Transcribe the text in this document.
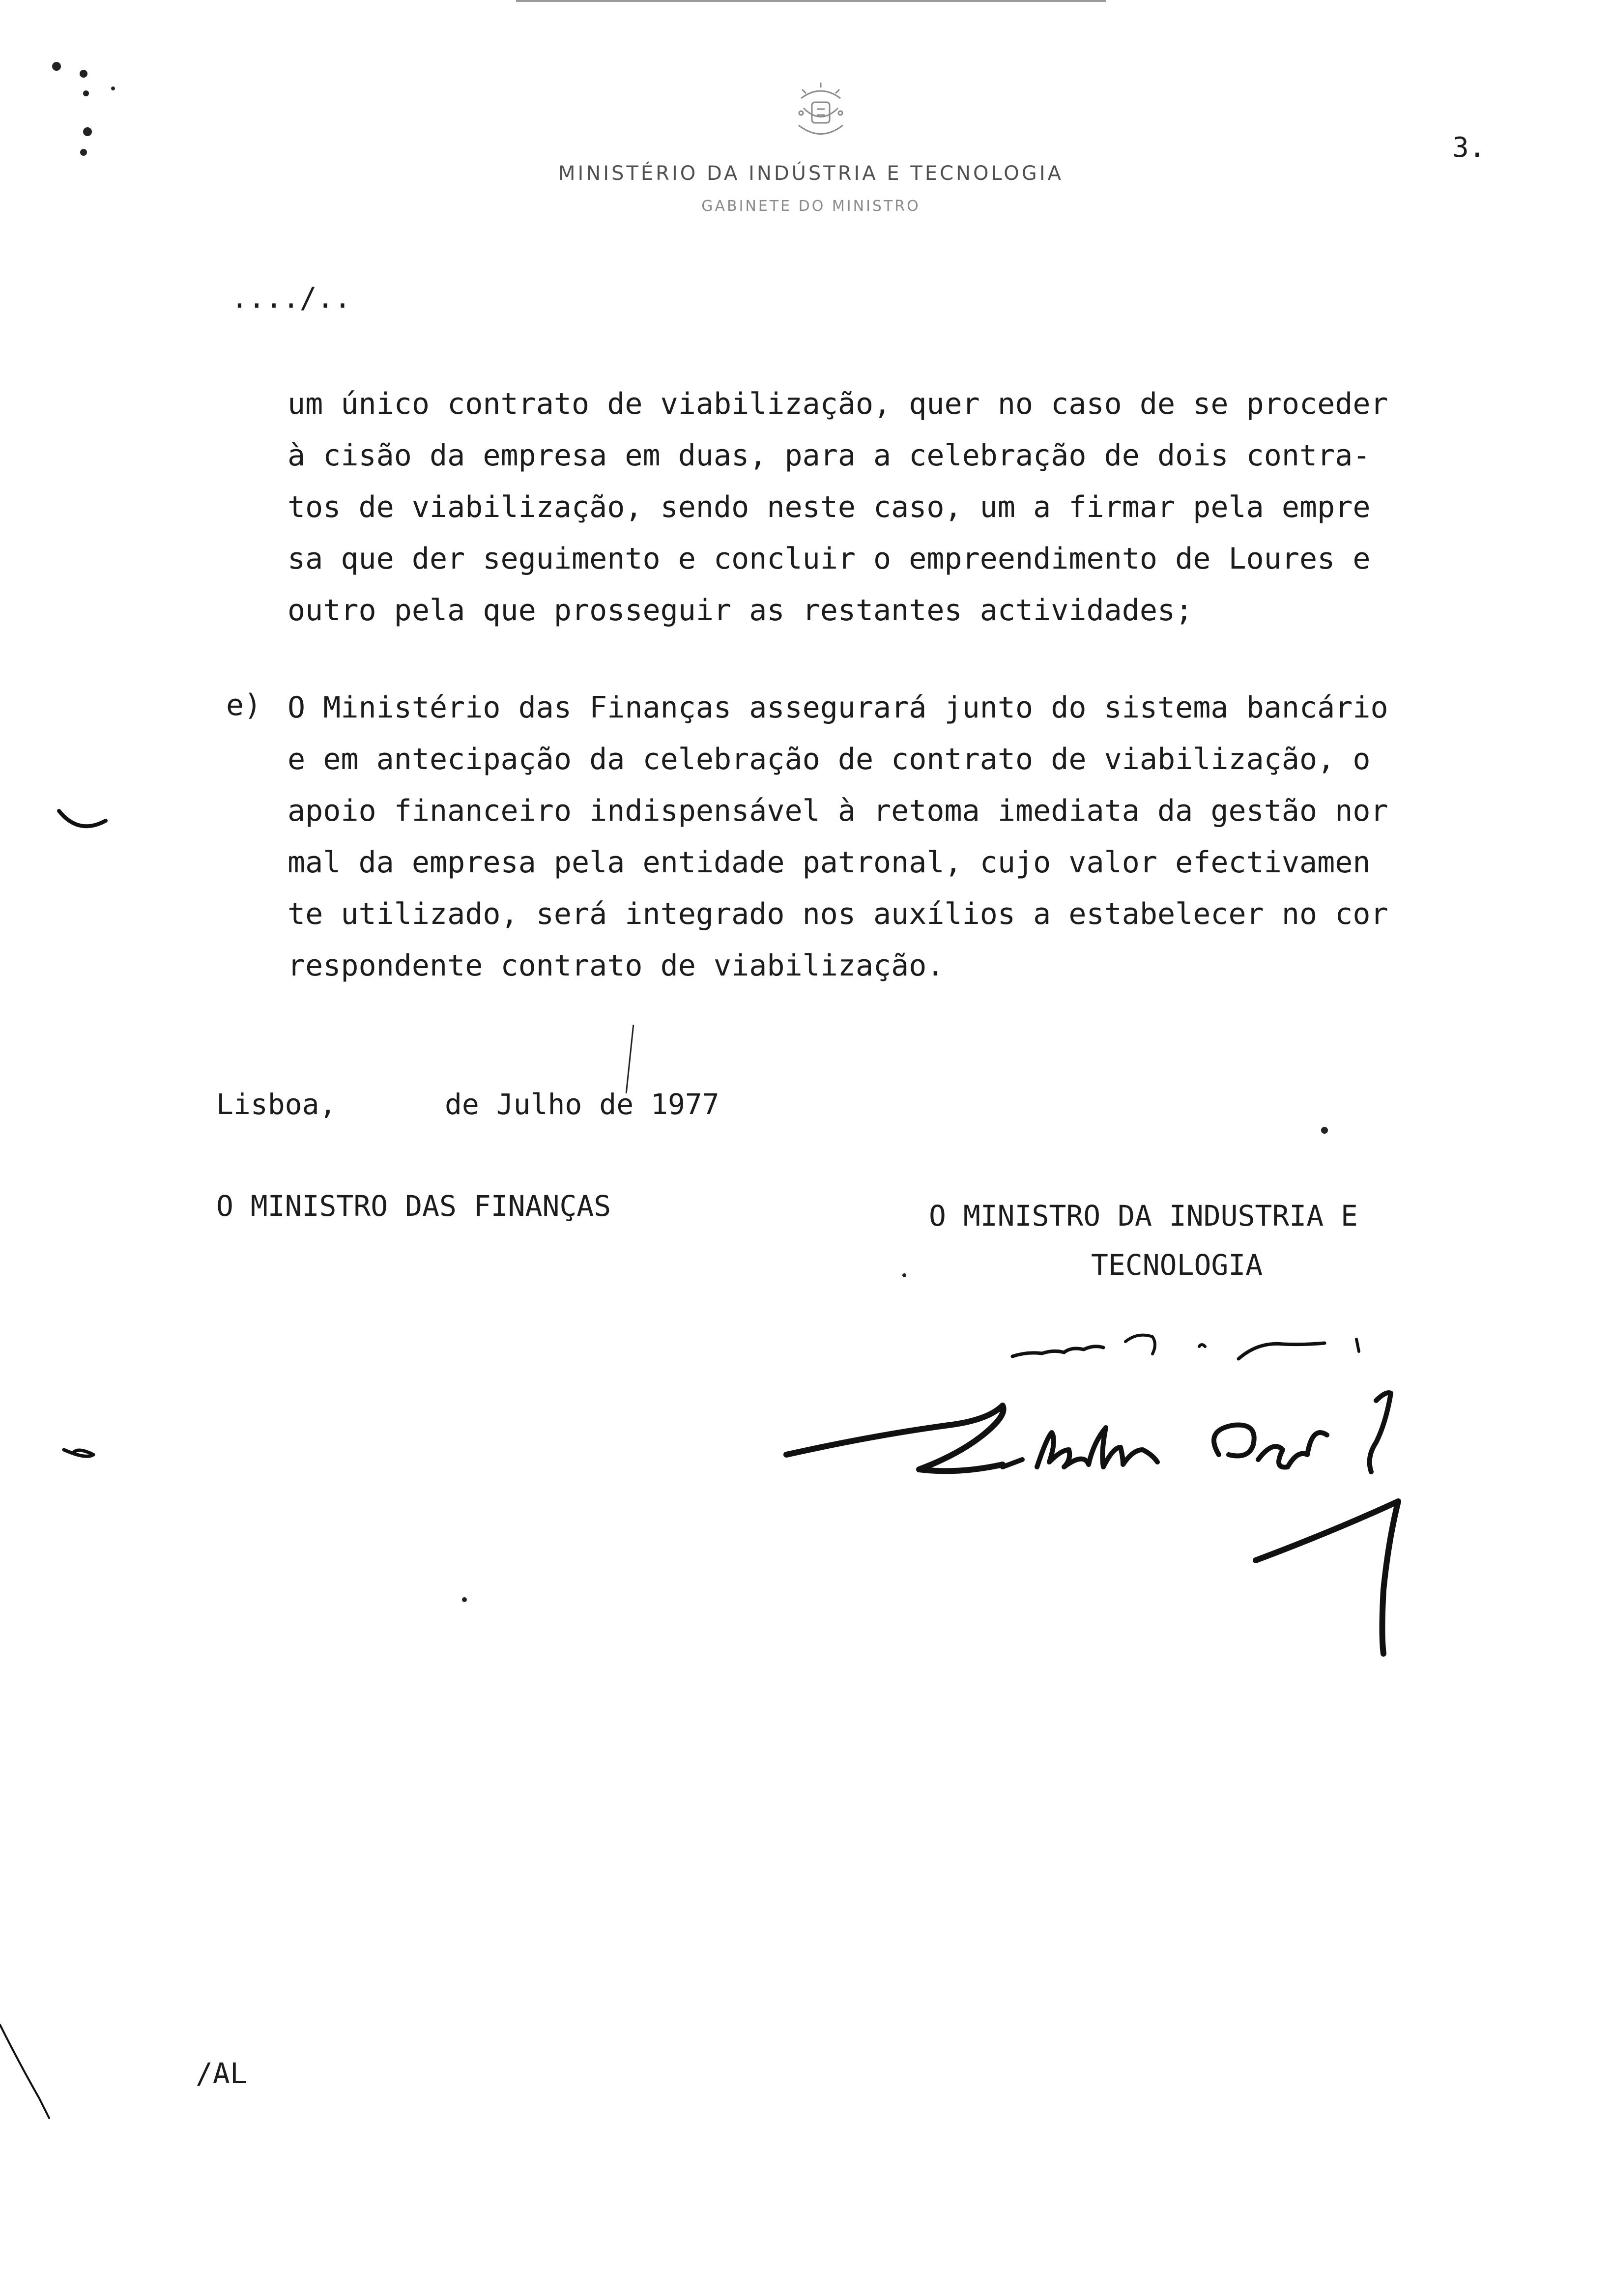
MINISTÉRIO DA INDÚSTRIA E TECNOLOGIA
GABINETE DO MINISTRO
3.
..../..
um único contrato de viabilização, quer no caso de se proceder
à cisão da empresa em duas, para a celebração de dois contra-
tos de viabilização, sendo neste caso, um a firmar pela empre
sa que der seguimento e concluir o empreendimento de Loures e
outro pela que prosseguir as restantes actividades;
e) O Ministério das Finanças assegurará junto do sistema bancário
e em antecipação da celebração de contrato de viabilização, o
apoio financeiro indispensável à retoma imediata da gestão nor
mal da empresa pela entidade patronal, cujo valor efectivamen
te utilizado, será integrado nos auxílios a estabelecer no cor
respondente contrato de viabilização.
Lisboa,	de Julho de 1977
O MINISTRO DAS FINANÇAS	O MINISTRO DA INDUSTRIA E
TECNOLOGIA
/AL
